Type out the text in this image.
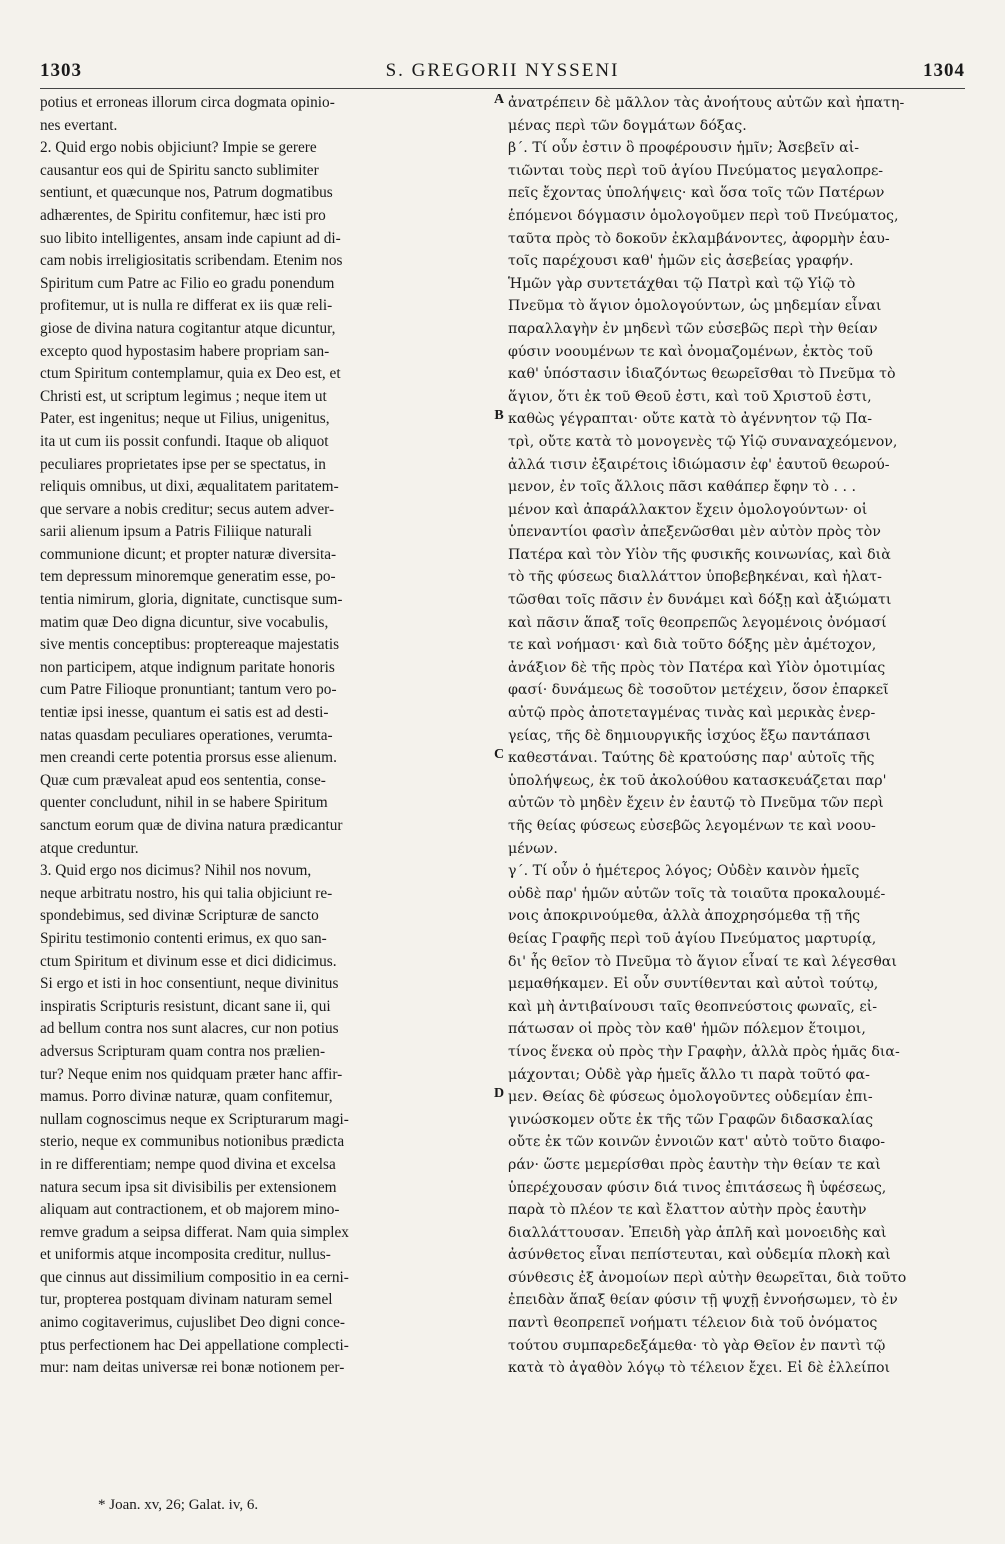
1303	S. GREGORII NYSSENI	1304
potius et erroneas illorum circa dogmata opinio-
nes evertant.
2. Quid ergo nobis objiciunt? Impie se gerere
causantur eos qui de Spiritu sancto sublimiter
sentiunt, et quæcunque nos, Patrum dogmatibus
adhærentes, de Spiritu confitemur, hæc isti pro
suo libito intelligentes, ansam inde capiunt ad di-
cam nobis irreligiositatis scribendam. Etenim nos
Spiritum cum Patre ac Filio eo gradu ponendum
profitemur, ut is nulla re differat ex iis quæ reli-
giose de divina natura cogitantur atque dicuntur,
excepto quod hypostasim habere propriam san-
ctum Spiritum contemplamur, quia ex Deo est, et
Christi est, ut scriptum legimus ; neque item ut
Pater, est ingenitus; neque ut Filius, unigenitus,
ita ut cum iis possit confundi. Itaque ob aliquot
peculiares proprietates ipse per se spectatus, in
reliquis omnibus, ut dixi, æqualitatem paritatem-
que servare a nobis creditur; secus autem adver-
sarii alienum ipsum a Patris Filiique naturali
communione dicunt; et propter naturæ diversita-
tem depressum minoremque generatim esse, po-
tentia nimirum, gloria, dignitate, cunctisque sum-
matim quæ Deo digna dicuntur, sive vocabulis,
sive mentis conceptibus: proptereaque majestatis
non participem, atque indignum paritate honoris
cum Patre Filioque pronuntiant; tantum vero po-
tentiæ ipsi inesse, quantum ei satis est ad desti-
natas quasdam peculiares operationes, verumta-
men creandi certe potentia prorsus esse alienum.
Quæ cum prævaleat apud eos sententia, conse-
quenter concludunt, nihil in se habere Spiritum
sanctum eorum quæ de divina natura prædicantur
atque creduntur.
3. Quid ergo nos dicimus? Nihil nos novum,
neque arbitratu nostro, his qui talia objiciunt re-
spondebimus, sed divinæ Scripturæ de sancto
Spiritu testimonio contenti erimus, ex quo san-
ctum Spiritum et divinum esse et dici didicimus.
Si ergo et isti in hoc consentiunt, neque divinitus
inspiratis Scripturis resistunt, dicant sane ii, qui
ad bellum contra nos sunt alacres, cur non potius
adversus Scripturam quam contra nos prælien-
tur? Neque enim nos quidquam præter hanc affir-
mamus. Porro divinæ naturæ, quam confitemur,
nullam cognoscimus neque ex Scripturarum magi-
sterio, neque ex communibus notionibus prædicta
in re differentiam; nempe quod divina et excelsa
natura secum ipsa sit divisibilis per extensionem
aliquam aut contractionem, et ob majorem mino-
remve gradum a seipsa differat. Nam quia simplex
et uniformis atque incomposita creditur, nullus-
que cinnus aut dissimilium compositio in ea cerni-
tur, propterea postquam divinam naturam semel
animo cogitaverimus, cujuslibet Deo digni conce-
ptus perfectionem hac Dei appellatione complecti-
mur: nam deitas universæ rei bonæ notionem per-
A
B
C
D
ἀνατρέπειν δὲ μᾶλλον τὰς ἀνοήτους αὐτῶν καὶ ἠπατη-
μένας περὶ τῶν δογμάτων δόξας.
β΄. Τί οὖν ἐστιν ὃ προφέρουσιν ἡμῖν; Ἀσεβεῖν αἰ-
τιῶνται τοὺς περὶ τοῦ ἁγίου Πνεύματος μεγαλοπρε-
πεῖς ἔχοντας ὑπολήψεις· καὶ ὅσα τοῖς τῶν Πατέρων
ἑπόμενοι δόγμασιν ὁμολογοῦμεν περὶ τοῦ Πνεύματος,
ταῦτα πρὸς τὸ δοκοῦν ἐκλαμβάνοντες, ἀφορμὴν ἑαυ-
τοῖς παρέχουσι καθ' ἡμῶν εἰς ἀσεβείας γραφήν.
Ἡμῶν γὰρ συντετάχθαι τῷ Πατρὶ καὶ τῷ Υἱῷ τὸ
Πνεῦμα τὸ ἅγιον ὁμολογούντων, ὡς μηδεμίαν εἶναι
παραλλαγὴν ἐν μηδενὶ τῶν εὐσεβῶς περὶ τὴν θείαν
φύσιν νοουμένων τε καὶ ὀνομαζομένων, ἐκτὸς τοῦ
καθ' ὑπόστασιν ἰδιαζόντως θεωρεῖσθαι τὸ Πνεῦμα τὸ
ἅγιον, ὅτι ἐκ τοῦ Θεοῦ ἐστι, καὶ τοῦ Χριστοῦ ἐστι,
καθὼς γέγραπται· οὔτε κατὰ τὸ ἀγέννητον τῷ Πα-
τρὶ, οὔτε κατὰ τὸ μονογενὲς τῷ Υἱῷ συναναχεόμενον,
ἀλλά τισιν ἐξαιρέτοις ἰδιώμασιν ἐφ' ἑαυτοῦ θεωρού-
μενον, ἐν τοῖς ἄλλοις πᾶσι καθάπερ ἔφην τὸ . . .
μένον καὶ ἀπαράλλακτον ἔχειν ὁμολογούντων· οἱ
ὑπεναντίοι φασὶν ἀπεξενῶσθαι μὲν αὐτὸν πρὸς τὸν
Πατέρα καὶ τὸν Υἱὸν τῆς φυσικῆς κοινωνίας, καὶ διὰ
τὸ τῆς φύσεως διαλλάττον ὑποβεβηκέναι, καὶ ἠλατ-
τῶσθαι τοῖς πᾶσιν ἐν δυνάμει καὶ δόξῃ καὶ ἀξιώματι
καὶ πᾶσιν ἅπαξ τοῖς θεοπρεπῶς λεγομένοις ὀνόμασί
τε καὶ νοήμασι· καὶ διὰ τοῦτο δόξης μὲν ἀμέτοχον,
ἀνάξιον δὲ τῆς πρὸς τὸν Πατέρα καὶ Υἱὸν ὁμοτιμίας
φασί· δυνάμεως δὲ τοσοῦτον μετέχειν, ὅσον ἐπαρκεῖ
αὐτῷ πρὸς ἀποτεταγμένας τινὰς καὶ μερικὰς ἐνερ-
γείας, τῆς δὲ δημιουργικῆς ἰσχύος ἔξω παντάπασι
καθεστάναι. Ταύτης δὲ κρατούσης παρ' αὐτοῖς τῆς
ὑπολήψεως, ἐκ τοῦ ἀκολούθου κατασκευάζεται παρ'
αὐτῶν τὸ μηδὲν ἔχειν ἐν ἑαυτῷ τὸ Πνεῦμα τῶν περὶ
τῆς θείας φύσεως εὐσεβῶς λεγομένων τε καὶ νοου-
μένων.
γ΄. Τί οὖν ὁ ἡμέτερος λόγος; Οὐδὲν καινὸν ἡμεῖς
οὐδὲ παρ' ἡμῶν αὐτῶν τοῖς τὰ τοιαῦτα προκαλουμέ-
νοις ἀποκρινούμεθα, ἀλλὰ ἀποχρησόμεθα τῇ τῆς
θείας Γραφῆς περὶ τοῦ ἁγίου Πνεύματος μαρτυρίᾳ,
δι' ἧς θεῖον τὸ Πνεῦμα τὸ ἅγιον εἶναί τε καὶ λέγεσθαι
μεμαθήκαμεν. Εἰ οὖν συντίθενται καὶ αὐτοὶ τούτῳ,
καὶ μὴ ἀντιβαίνουσι ταῖς θεοπνεύστοις φωναῖς, εἰ-
πάτωσαν οἱ πρὸς τὸν καθ' ἡμῶν πόλεμον ἕτοιμοι,
τίνος ἕνεκα οὐ πρὸς τὴν Γραφὴν, ἀλλὰ πρὸς ἡμᾶς δια-
μάχονται; Οὐδὲ γὰρ ἡμεῖς ἄλλο τι παρὰ τοῦτό φα-
μεν. Θείας δὲ φύσεως ὁμολογοῦντες οὐδεμίαν ἐπι-
γινώσκομεν οὔτε ἐκ τῆς τῶν Γραφῶν διδασκαλίας
οὔτε ἐκ τῶν κοινῶν ἐννοιῶν κατ' αὐτὸ τοῦτο διαφο-
ράν· ὥστε μεμερίσθαι πρὸς ἑαυτὴν τὴν θείαν τε καὶ
ὑπερέχουσαν φύσιν διά τινος ἐπιτάσεως ἢ ὑφέσεως,
παρὰ τὸ πλέον τε καὶ ἔλαττον αὐτὴν πρὸς ἑαυτὴν
διαλλάττουσαν. Ἐπειδὴ γὰρ ἁπλῆ καὶ μονοειδὴς καὶ
ἀσύνθετος εἶναι πεπίστευται, καὶ οὐδεμία πλοκὴ καὶ
σύνθεσις ἐξ ἀνομοίων περὶ αὐτὴν θεωρεῖται, διὰ τοῦτο
ἐπειδὰν ἅπαξ θείαν φύσιν τῇ ψυχῇ ἐννοήσωμεν, τὸ ἐν
παντὶ θεοπρεπεῖ νοήματι τέλειον διὰ τοῦ ὀνόματος
τούτου συμπαρεδεξάμεθα· τὸ γὰρ Θεῖον ἐν παντὶ τῷ
κατὰ τὸ ἀγαθὸν λόγῳ τὸ τέλειον ἔχει. Εἰ δὲ ἐλλείποι
* Joan. xv, 26; Galat. iv, 6.
